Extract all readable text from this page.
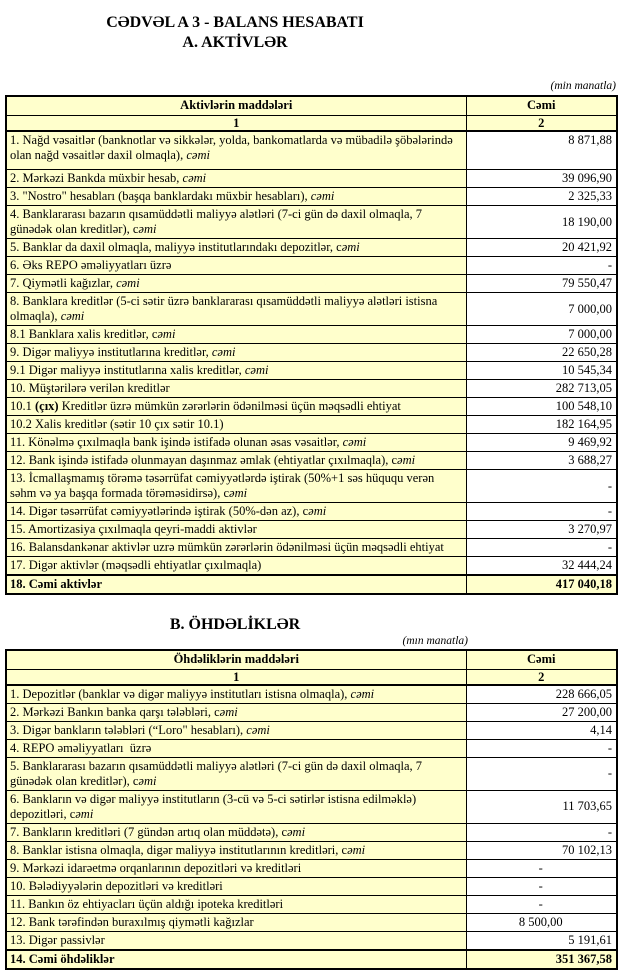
CƏDVƏL A 3 - BALANS HESABATI
A. AKTİVLƏR
(min manatla)
Aktivlərin maddələri	Cəmi
1	2
1. Nağd vəsaitlər (banknotlar və sikkələr, yolda, bankomatlarda və mübadilə şöbələrində olan nağd vəsaitlər daxil olmaqla), cəmi	8 871,88
2. Mərkəzi Bankda müxbir hesab, cəmi	39 096,90
3. "Nostro" hesabları (başqa banklardakı müxbir hesabları), cəmi	2 325,33
4. Banklararası bazarın qısamüddətli maliyyə alətləri (7-ci gün də daxil olmaqla, 7 günədək olan kreditlər), cəmi	18 190,00
5. Banklar da daxil olmaqla, maliyyə institutlarındakı depozitlər, cəmi	20 421,92
6. Əks REPO əməliyyatları üzrə	-
7. Qiymətli kağızlar, cəmi	79 550,47
8. Banklara kreditlər (5-ci sətir üzrə banklararası qısamüddətli maliyyə alətləri istisna olmaqla), cəmi	7 000,00
8.1 Banklara xalis kreditlər, cəmi	7 000,00
9. Digər maliyyə institutlarına kreditlər, cəmi	22 650,28
9.1 Digər maliyyə institutlarına xalis kreditlər, cəmi	10 545,34
10. Müştərilərə verilən kreditlər	282 713,05
10.1 (çıx) Kreditlər üzrə mümkün zərərlərin ödənilməsi üçün məqsədli ehtiyat	100 548,10
10.2 Xalis kreditlər (sətir 10 çıx sətir 10.1)	182 164,95
11. Könəlmə çıxılmaqla bank işində istifadə olunan əsas vəsaitlər, cəmi	9 469,92
12. Bank işində istifadə olunmayan daşınmaz əmlak (ehtiyatlar çıxılmaqla), cəmi	3 688,27
13. İcmallaşmamış törəmə təsərrüfat cəmiyyətlərdə iştirak (50%+1 səs hüququ verən səhm və ya başqa formada törəməsidirsə), cəmi	-
14. Digər təsərrüfat cəmiyyətlərində iştirak (50%-dən az), cəmi	-
15. Amortizasiya çıxılmaqla qeyri-maddi aktivlər	3 270,97
16. Balansdankənar aktivlər uzrə mümkün zərərlərin ödənilməsi üçün məqsədli ehtiyat	-
17. Digər aktivlər (məqsədli ehtiyatlar çıxılmaqla)	32 444,24
18. Cəmi aktivlər	417 040,18
B. ÖHDƏLİKLƏR
(mın manatla)
Öhdəliklərin maddələri	Cəmi
1	2
1. Depozitlər (banklar və digər maliyyə institutları istisna olmaqla), cəmi	228 666,05
2. Mərkəzi Bankın banka qarşı tələbləri, cəmi	27 200,00
3. Digər bankların tələbləri (“Loro" hesabları), cəmi	4,14
4. REPO əməliyyatları  üzrə	-
5. Banklararası bazarın qısamüddətli maliyyə alətləri (7-ci gün də daxil olmaqla, 7 günədək olan kreditlər), cəmi	-
6. Bankların və digər maliyyə institutların (3-cü və 5-ci sətirlər istisna edilməklə) depozitləri, cəmi	11 703,65
7. Bankların kreditləri (7 gündən artıq olan müddətə), cəmi	-
8. Banklar istisna olmaqla, digər maliyyə institutlarının kreditləri, cəmi	70 102,13
9. Mərkəzi idarəetmə orqanlarının depozitləri və kreditləri	-
10. Bələdiyyələrin depozitləri və kreditləri	-
11. Bankın öz ehtiyacları üçün aldığı ipoteka kreditləri	-
12. Bank tərəfindən buraxılmış qiymətli kağızlar	8 500,00
13. Digər passivlər	5 191,61
14. Cəmi öhdəliklər	351 367,58
